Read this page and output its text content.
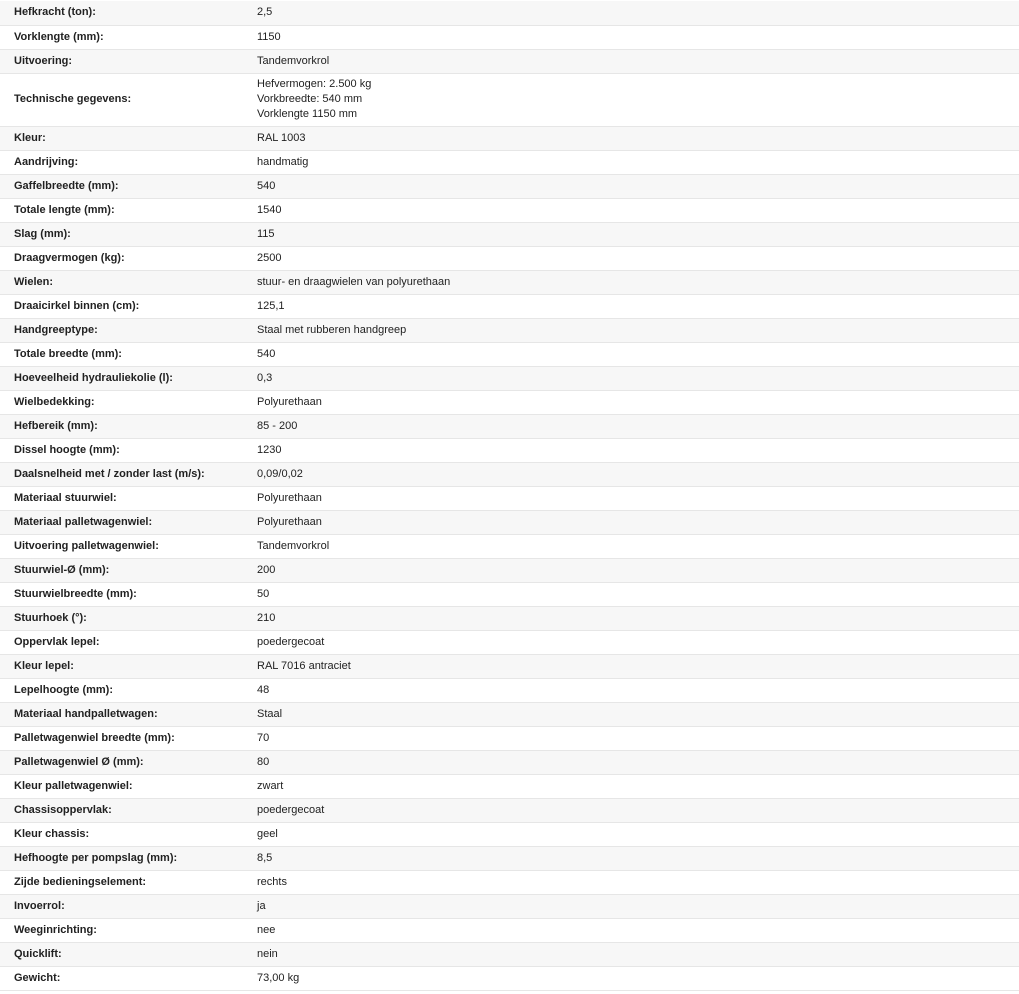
Hefkracht (ton):	2,5
Vorklengte (mm):	1150
Uitvoering:	Tandemvorkrol
Technische gegevens:	Hefvermogen: 2.500 kg
Vorkbreedte: 540 mm
Vorklengte 1150 mm

Kleur:	RAL 1003
Aandrijving:	handmatig
Gaffelbreedte (mm):	540
Totale lengte (mm):	1540
Slag (mm):	115
Draagvermogen (kg):	2500
Wielen:	stuur- en draagwielen van polyurethaan
Draaicirkel binnen (cm):	125,1
Handgreeptype:	Staal met rubberen handgreep
Totale breedte (mm):	540
Hoeveelheid hydrauliekolie (l):	0,3
Wielbedekking:	Polyurethaan
Hefbereik (mm):	85 - 200
Dissel hoogte (mm):	1230
Daalsnelheid met / zonder last (m/s):	0,09/0,02
Materiaal stuurwiel:	Polyurethaan
Materiaal palletwagenwiel:	Polyurethaan
Uitvoering palletwagenwiel:	Tandemvorkrol
Stuurwiel-Ø (mm):	200
Stuurwielbreedte (mm):	50
Stuurhoek (°):	210
Oppervlak lepel:	poedergecoat
Kleur lepel:	RAL 7016 antraciet
Lepelhoogte (mm):	48
Materiaal handpalletwagen:	Staal
Palletwagenwiel breedte (mm):	70
Palletwagenwiel Ø (mm):	80
Kleur palletwagenwiel:	zwart
Chassisoppervlak:	poedergecoat
Kleur chassis:	geel
Hefhoogte per pompslag (mm):	8,5
Zijde bedieningselement:	rechts
Invoerrol:	ja
Weeginrichting:	nee
Quicklift:	nein
Gewicht:	73,00 kg
